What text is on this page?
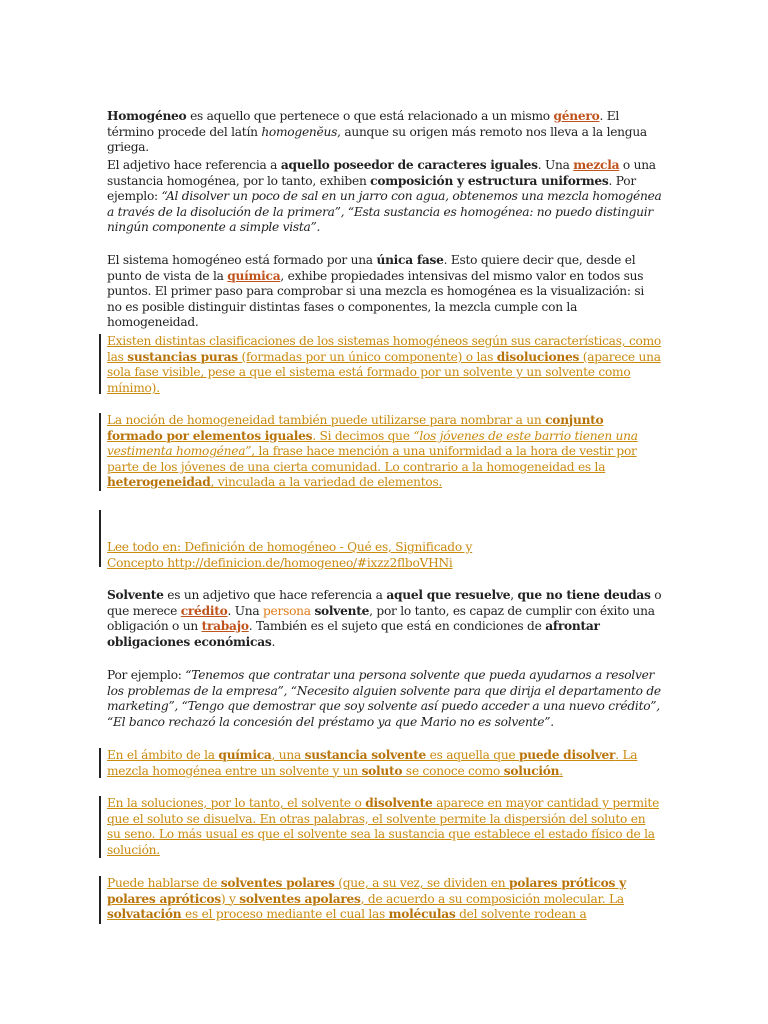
Homogéneo es aquello que pertenece o que está relacionado a un mismo género. El término procede del latín homogenĕus, aunque su origen más remoto nos lleva a la lengua griega.

El adjetivo hace referencia a aquello poseedor de caracteres iguales. Una mezcla o una sustancia homogénea, por lo tanto, exhiben composición y estructura uniformes. Por ejemplo: “Al disolver un poco de sal en un jarro con agua, obtenemos una mezcla homogénea a través de la disolución de la primera”, “Esta sustancia es homogénea: no puedo distinguir ningún componente a simple vista”.

El sistema homogéneo está formado por una única fase. Esto quiere decir que, desde el punto de vista de la química, exhibe propiedades intensivas del mismo valor en todos sus puntos. El primer paso para comprobar si una mezcla es homogénea es la visualización: si no es posible distinguir distintas fases o componentes, la mezcla cumple con la homogeneidad.

Existen distintas clasificaciones de los sistemas homogéneos según sus características, como las sustancias puras (formadas por un único componente) o las disoluciones (aparece una sola fase visible, pese a que el sistema está formado por un solvente y un solvente como mínimo).

La noción de homogeneidad también puede utilizarse para nombrar a un conjunto formado por elementos iguales. Si decimos que “los jóvenes de este barrio tienen una vestimenta homogénea”, la frase hace mención a una uniformidad a la hora de vestir por parte de los jóvenes de una cierta comunidad. Lo contrario a la homogeneidad es la heterogeneidad, vinculada a la variedad de elementos.

Lee todo en: Definición de homogéneo - Qué es, Significado y Concepto http://definicion.de/homogeneo/#ixzz2flboVHNi

Solvente es un adjetivo que hace referencia a aquel que resuelve, que no tiene deudas o que merece crédito. Una persona solvente, por lo tanto, es capaz de cumplir con éxito una obligación o un trabajo. También es el sujeto que está en condiciones de afrontar obligaciones económicas.

Por ejemplo: “Tenemos que contratar una persona solvente que pueda ayudarnos a resolver los problemas de la empresa”, “Necesito alguien solvente para que dirija el departamento de marketing”, “Tengo que demostrar que soy solvente así puedo acceder a una nuevo crédito”, “El banco rechazó la concesión del préstamo ya que Mario no es solvente”.

En el ámbito de la química, una sustancia solvente es aquella que puede disolver. La mezcla homogénea entre un solvente y un soluto se conoce como solución.

En la soluciones, por lo tanto, el solvente o disolvente aparece en mayor cantidad y permite que el soluto se disuelva. En otras palabras, el solvente permite la dispersión del soluto en su seno. Lo más usual es que el solvente sea la sustancia que establece el estado físico de la solución.

Puede hablarse de solventes polares (que, a su vez, se dividen en polares próticos y polares apróticos) y solventes apolares, de acuerdo a su composición molecular. La solvatación es el proceso mediante el cual las moléculas del solvente rodean a
